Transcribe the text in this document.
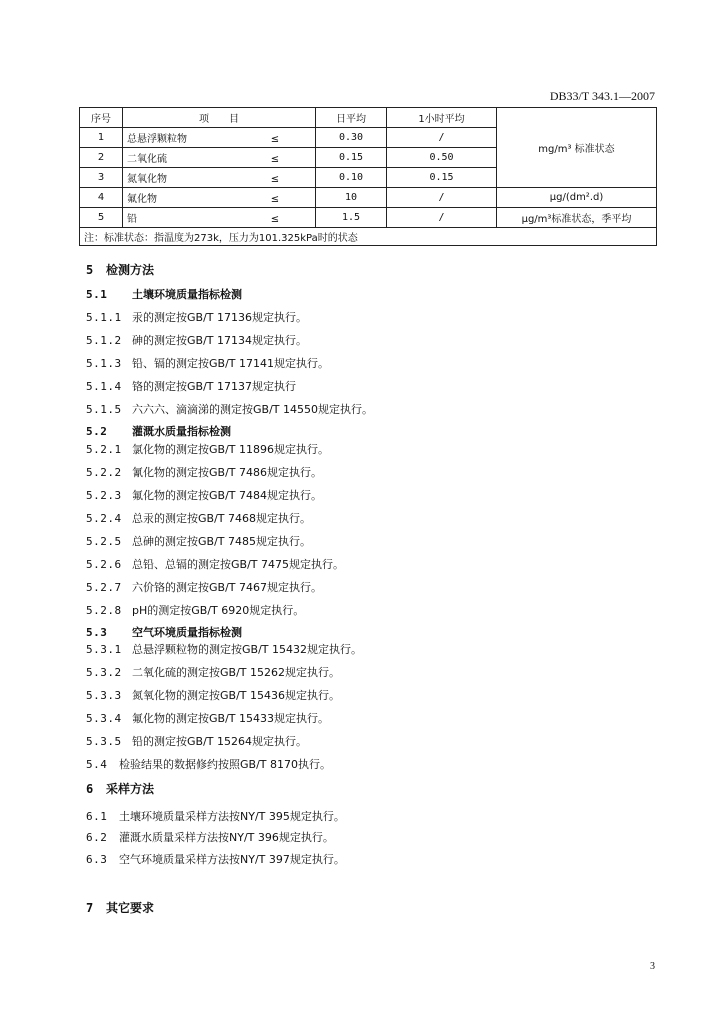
DB33/T 343.1—2007
序号	项　　目	日平均	1小时平均	mg/m³ 标准状态
1	总悬浮颗粒物 ≤	0.30	/	
2	二氧化硫 ≤	0.15	0.50	
3	氮氧化物 ≤	0.10	0.15	
4	氟化物 ≤	10	/	μg/(dm².d)
5	铅 ≤	1.5	/	μg/m³标准状态，季平均
注：标准状态：指温度为273k，压力为101.325kPa时的状态				
5 检测方法
5.1 土壤环境质量指标检测
5.1.1 汞的测定按GB/T 17136规定执行。
5.1.2 砷的测定按GB/T 17134规定执行。
5.1.3 铅、镉的测定按GB/T 17141规定执行。
5.1.4 铬的测定按GB/T 17137规定执行
5.1.5 六六六、滴滴涕的测定按GB/T 14550规定执行。
5.2 灌溉水质量指标检测
5.2.1 氯化物的测定按GB/T 11896规定执行。
5.2.2 氰化物的测定按GB/T 7486规定执行。
5.2.3 氟化物的测定按GB/T 7484规定执行。
5.2.4 总汞的测定按GB/T 7468规定执行。
5.2.5 总砷的测定按GB/T 7485规定执行。
5.2.6 总铅、总镉的测定按GB/T 7475规定执行。
5.2.7 六价铬的测定按GB/T 7467规定执行。
5.2.8 pH的测定按GB/T 6920规定执行。
5.3 空气环境质量指标检测
5.3.1 总悬浮颗粒物的测定按GB/T 15432规定执行。
5.3.2 二氧化硫的测定按GB/T 15262规定执行。
5.3.3 氮氧化物的测定按GB/T 15436规定执行。
5.3.4 氟化物的测定按GB/T 15433规定执行。
5.3.5 铅的测定按GB/T 15264规定执行。
5.4 检验结果的数据修约按照GB/T 8170执行。
6 采样方法
6.1 土壤环境质量采样方法按NY/T 395规定执行。
6.2 灌溉水质量采样方法按NY/T 396规定执行。
6.3 空气环境质量采样方法按NY/T 397规定执行。
7 其它要求
3
